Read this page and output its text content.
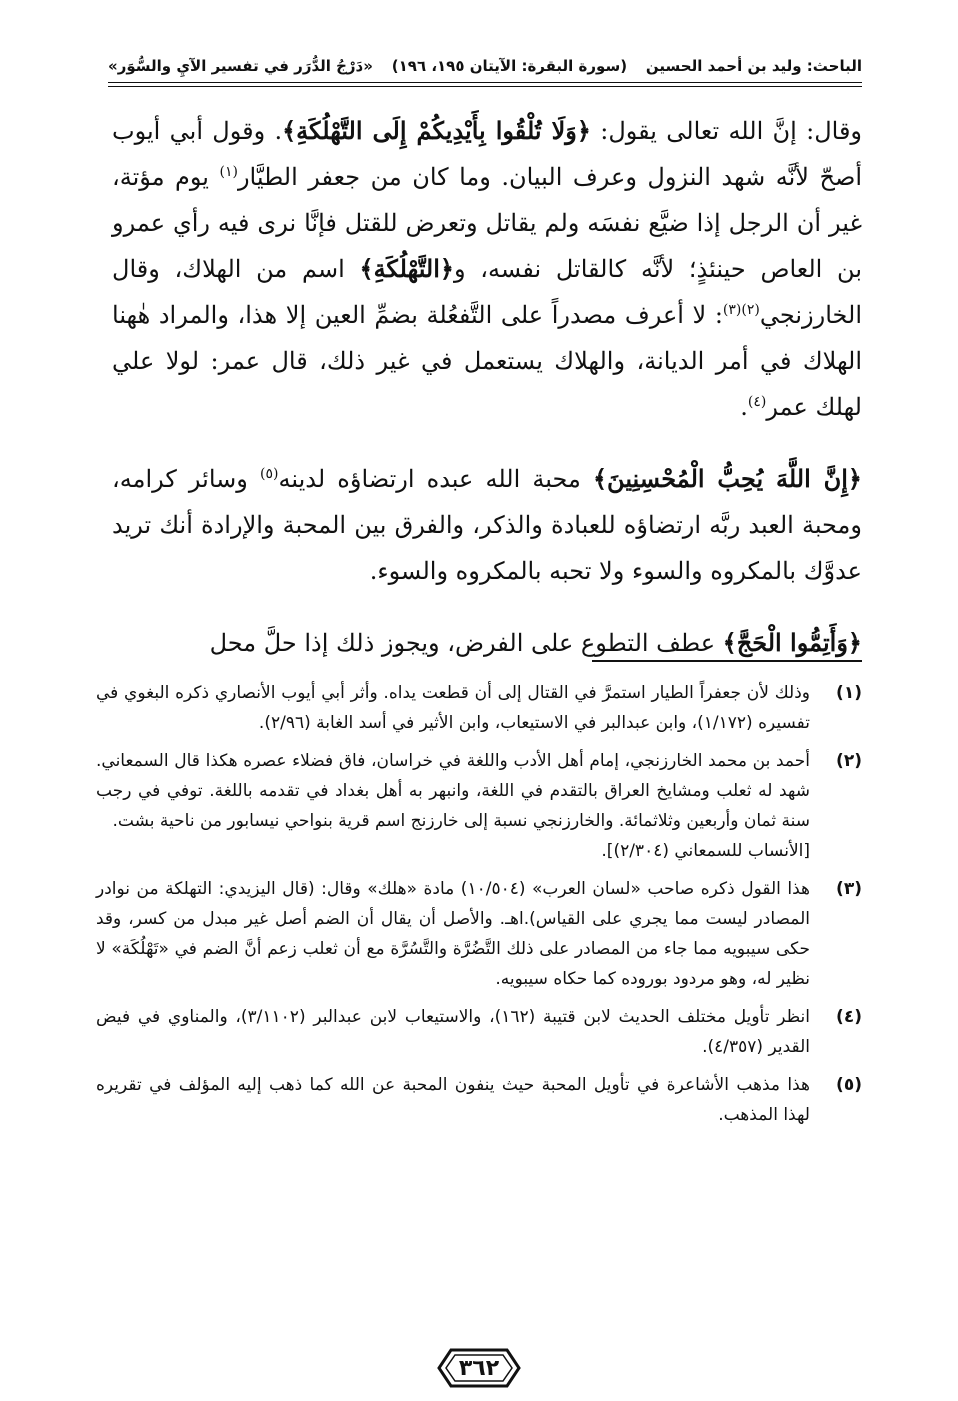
الباحث: وليد بن أحمد الحسين
(سورة البقرة: الآيتان ١٩٥، ١٩٦)
«دَرْجُ الدُّرَر في تفسير الآيِ والسُّوَر»

وقال: إنَّ الله تعالى يقول: ﴿وَلَا تُلْقُوا بِأَيْدِيكُمْ إِلَى التَّهْلُكَةِ﴾. وقول أبي أيوب أصحّ لأنَّه شهد النزول وعرف البيان. وما كان من جعفر الطيَّار$^{(١)}$ يوم مؤتة، غير أن الرجل إذا ضيَّع نفسَه ولم يقاتل وتعرض للقتل فإنَّا نرى فيه رأي عمرو بن العاص حينئذٍ؛ لأنَّه كالقاتل نفسه، و﴿التَّهْلُكَةِ﴾ اسم من الهلاك، وقال الخارزنجي$^{(٢)(٣)}$: لا أعرف مصدراً على التَّفعُلة بضمِّ العين إلا هذا، والمراد هٰهنا الهلاك في أمر الديانة، والهلاك يستعمل في غير ذلك، قال عمر: لولا علي لهلك عمر$^{(٤)}$.

﴿إِنَّ اللَّهَ يُحِبُّ الْمُحْسِنِينَ﴾ محبة الله عبده ارتضاؤه لدينه$^{(٥)}$ وسائر كرامه، ومحبة العبد ربَّه ارتضاؤه للعبادة والذكر، والفرق بين المحبة والإرادة أنك تريد عدوَّك بالمكروه والسوء ولا تحبه بالمكروه والسوء.

﴿وَأَتِمُّوا الْحَجَّ﴾ عطف التطوع على الفرض، ويجوز ذلك إذا حلَّ محل

(١)
وذلك لأن جعفراً الطيار استمرَّ في القتال إلى أن قطعت يداه. وأثر أبي أيوب الأنصاري ذكره البغوي في تفسيره (١/١٧٢)، وابن عبدالبر في الاستيعاب، وابن الأثير في أسد الغابة (٢/٩٦).
(٢)
أحمد بن محمد الخارزنجي، إمام أهل الأدب واللغة في خراسان، فاق فضلاء عصره هكذا قال السمعاني. شهد له ثعلب ومشايخ العراق بالتقدم في اللغة، وانبهر به أهل بغداد في تقدمه باللغة. توفي في رجب سنة ثمان وأربعين وثلاثمائة. والخارزنجي نسبة إلى خارزنج اسم قرية بنواحي نيسابور من ناحية بشت.
[الأنساب للسمعاني (٢/٣٠٤)].
(٣)
هذا القول ذكره صاحب «لسان العرب» (١٠/٥٠٤) مادة «هلك» وقال: (قال اليزيدي: التهلكة من نوادر المصادر ليست مما يجري على القياس).اهـ. والأصل أن يقال أن الضم أصل غير مبدل من كسر، وقد حكى سيبويه مما جاء من المصادر على ذلك التَّضُرَّة والتَّسُرَّة مع أن ثعلب زعم أنَّ الضم في «تَهْلُكَة» لا نظير له، وهو مردود بوروده كما حكاه سيبويه.
(٤)
انظر تأويل مختلف الحديث لابن قتيبة (١٦٢)، والاستيعاب لابن عبدالبر (٣/١١٠٢)، والمناوي في فيض القدير (٤/٣٥٧).
(٥)
هذا مذهب الأشاعرة في تأويل المحبة حيث ينفون المحبة عن الله كما ذهب إليه المؤلف في تقريره لهذا المذهب.
٣٦٢
